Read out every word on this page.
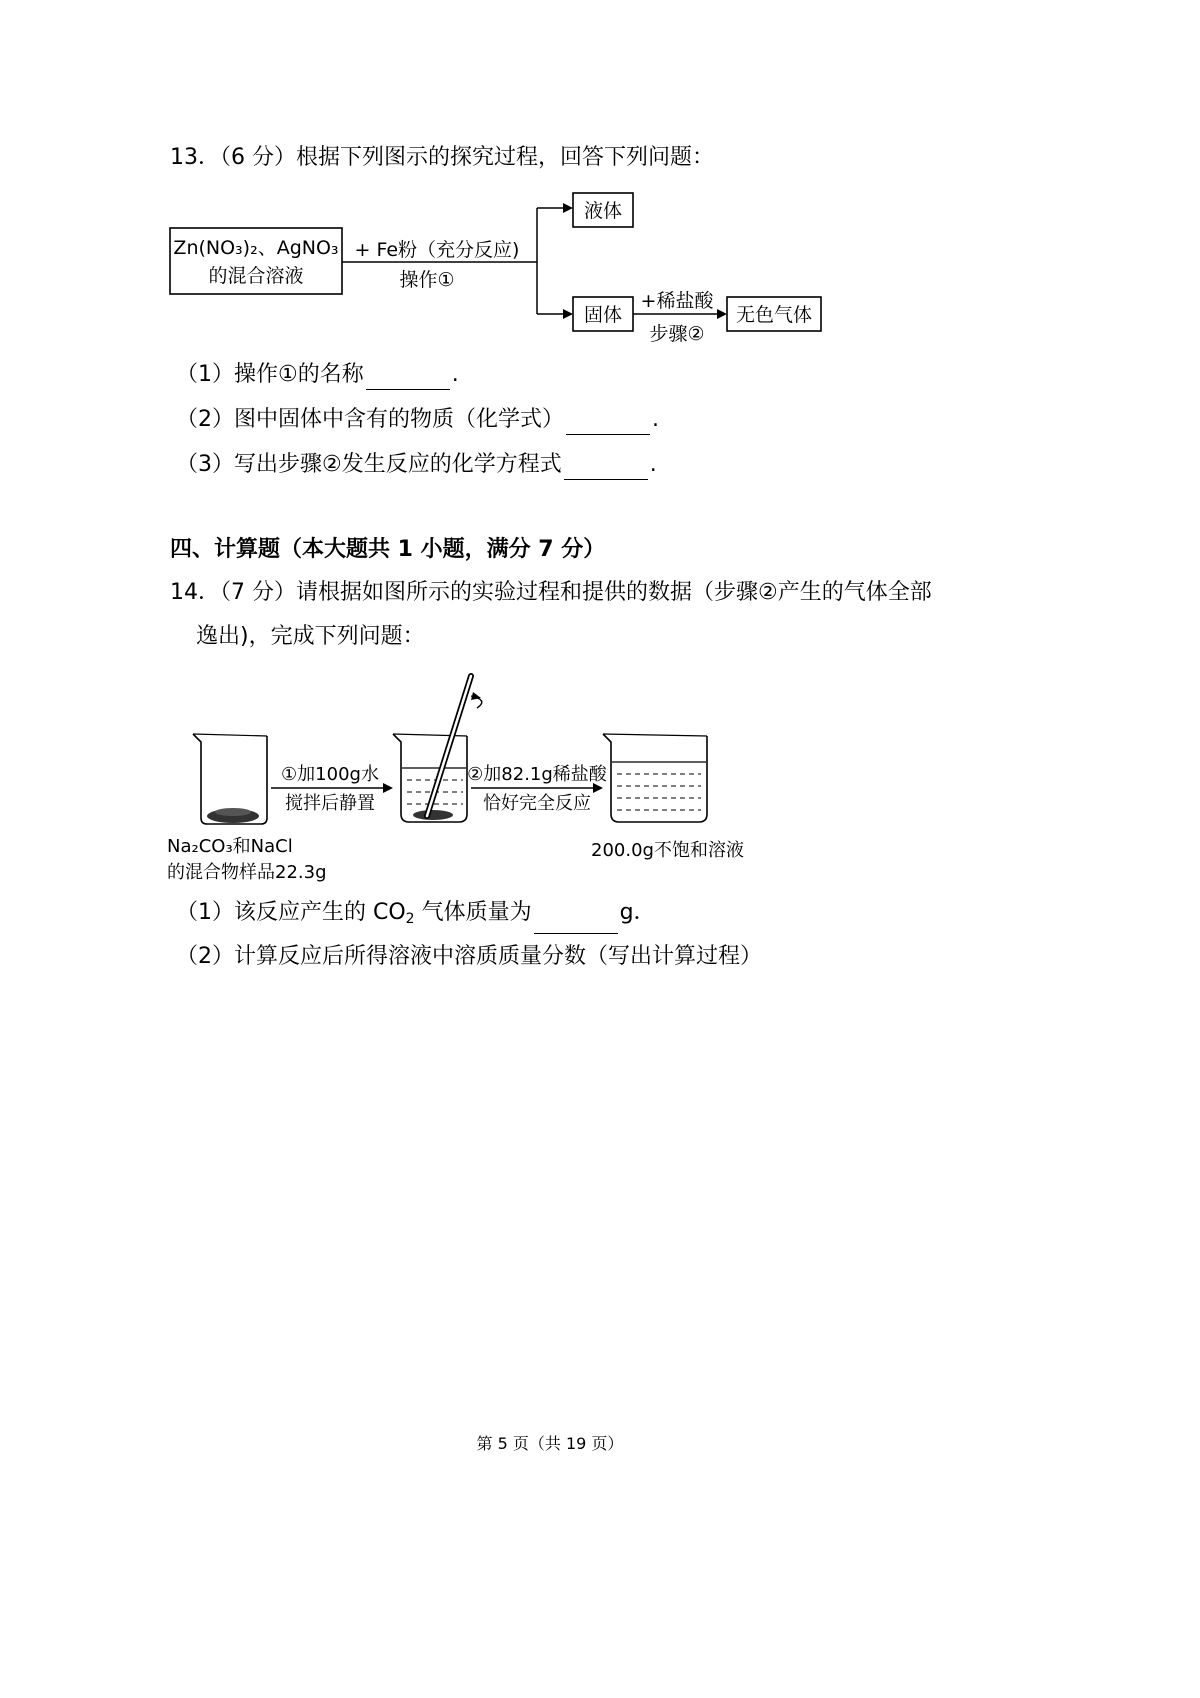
13．（6 分）根据下列图示的探究过程，回答下列问题：
Zn(NO₃)₂、AgNO₃
的混合溶液
+ Fe粉（充分反应)
操作①
液体
固体
+稀盐酸
步骤②
无色气体
（1）操作①的名称	.
（2）图中固体中含有的物质（化学式）	.
（3）写出步骤②发生反应的化学方程式	.
四、计算题（本大题共 1 小题，满分 7 分）
14．（7 分）请根据如图所示的实验过程和提供的数据（步骤②产生的气体全部
逸出)，完成下列问题：
①加100g水
搅拌后静置
②加82.1g稀盐酸
恰好完全反应
Na₂CO₃和NaCl
的混合物样品22.3g
200.0g不饱和溶液
（1）该反应产生的 $CO_2$ 气体质量为	g．
（2）计算反应后所得溶液中溶质质量分数（写出计算过程）
第 5 页（共 19 页）
